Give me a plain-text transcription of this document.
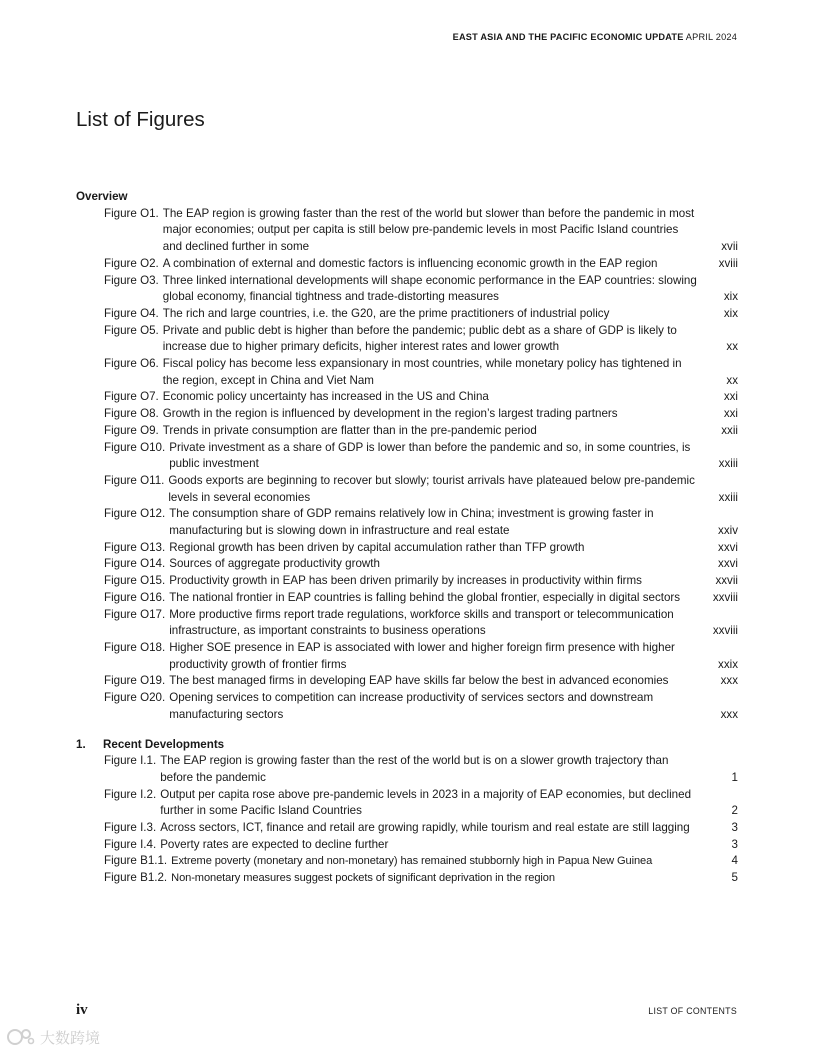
EAST ASIA AND THE PACIFIC ECONOMIC UPDATE APRIL 2024
List of Figures
Overview
Figure O1. The EAP region is growing faster than the rest of the world but slower than before the pandemic in most major economies; output per capita is still below pre-pandemic levels in most Pacific Island countries and declined further in some	xvii
Figure O2. A combination of external and domestic factors is influencing economic growth in the EAP region	xviii
Figure O3. Three linked international developments will shape economic performance in the EAP countries: slowing global economy, financial tightness and trade-distorting measures	xix
Figure O4. The rich and large countries, i.e. the G20, are the prime practitioners of industrial policy	xix
Figure O5. Private and public debt is higher than before the pandemic; public debt as a share of GDP is likely to increase due to higher primary deficits, higher interest rates and lower growth	xx
Figure O6. Fiscal policy has become less expansionary in most countries, while monetary policy has tightened in the region, except in China and Viet Nam	xx
Figure O7. Economic policy uncertainty has increased in the US and China	xxi
Figure O8. Growth in the region is influenced by development in the region’s largest trading partners	xxi
Figure O9. Trends in private consumption are flatter than in the pre-pandemic period	xxii
Figure O10. Private investment as a share of GDP is lower than before the pandemic and so, in some countries, is public investment	xxiii
Figure O11. Goods exports are beginning to recover but slowly; tourist arrivals have plateaued below pre-pandemic levels in several economies	xxiii
Figure O12. The consumption share of GDP remains relatively low in China; investment is growing faster in manufacturing but is slowing down in infrastructure and real estate	xxiv
Figure O13. Regional growth has been driven by capital accumulation rather than TFP growth	xxvi
Figure O14. Sources of aggregate productivity growth	xxvi
Figure O15. Productivity growth in EAP has been driven primarily by increases in productivity within firms	xxvii
Figure O16. The national frontier in EAP countries is falling behind the global frontier, especially in digital sectors	xxviii
Figure O17. More productive firms report trade regulations, workforce skills and transport or telecommunication infrastructure, as important constraints to business operations	xxviii
Figure O18. Higher SOE presence in EAP is associated with lower and higher foreign firm presence with higher productivity growth of frontier firms	xxix
Figure O19. The best managed firms in developing EAP have skills far below the best in advanced economies	xxx
Figure O20. Opening services to competition can increase productivity of services sectors and downstream manufacturing sectors	xxx
1. Recent Developments
Figure I.1. The EAP region is growing faster than the rest of the world but is on a slower growth trajectory than before the pandemic	1
Figure I.2. Output per capita rose above pre-pandemic levels in 2023 in a majority of EAP economies, but declined further in some Pacific Island Countries	2
Figure I.3. Across sectors, ICT, finance and retail are growing rapidly, while tourism and real estate are still lagging	3
Figure I.4. Poverty rates are expected to decline further	3
Figure B1.1. Extreme poverty (monetary and non-monetary) has remained stubbornly high in Papua New Guinea	4
Figure B1.2. Non-monetary measures suggest pockets of significant deprivation in the region	5
iv	LIST OF CONTENTS
大数跨境
